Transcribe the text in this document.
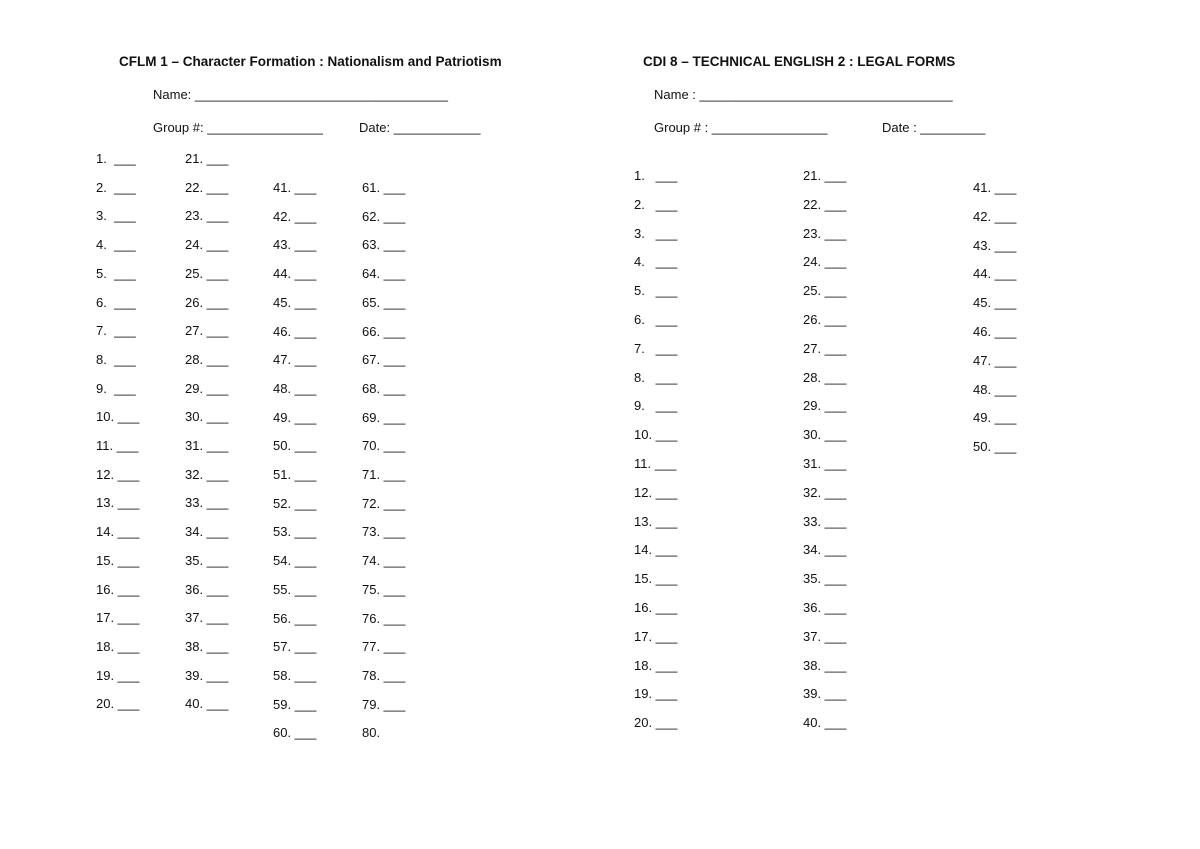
CFLM 1 – Character Formation : Nationalism and Patriotism
Name: ___________________________________
Group #: ________________	Date: ____________
1.  ___
2.  ___
3.  ___
4.  ___
5.  ___
6.  ___
7.  ___
8.  ___
9.  ___
10. ___
11. ___
12. ___
13. ___
14. ___
15. ___
16. ___
17. ___
18. ___
19. ___
20. ___
21. ___
22. ___
23. ___
24. ___
25. ___
26. ___
27. ___
28. ___
29. ___
30. ___
31. ___
32. ___
33. ___
34. ___
35. ___
36. ___
37. ___
38. ___
39. ___
40. ___
41. ___
42. ___
43. ___
44. ___
45. ___
46. ___
47. ___
48. ___
49. ___
50. ___
51. ___
52. ___
53. ___
54. ___
55. ___
56. ___
57. ___
58. ___
59. ___
60. ___
61. ___
62. ___
63. ___
64. ___
65. ___
66. ___
67. ___
68. ___
69. ___
70. ___
71. ___
72. ___
73. ___
74. ___
75. ___
76. ___
77. ___
78. ___
79. ___
80.
CDI 8 – TECHNICAL ENGLISH 2 : LEGAL FORMS
Name : ___________________________________
Group # : ________________	Date : _________
1.   ___
2.   ___
3.   ___
4.   ___
5.   ___
6.   ___
7.   ___
8.   ___
9.   ___
10. ___
11. ___
12. ___
13. ___
14. ___
15. ___
16. ___
17. ___
18. ___
19. ___
20. ___
21. ___
22. ___
23. ___
24. ___
25. ___
26. ___
27. ___
28. ___
29. ___
30. ___
31. ___
32. ___
33. ___
34. ___
35. ___
36. ___
37. ___
38. ___
39. ___
40. ___
41. ___
42. ___
43. ___
44. ___
45. ___
46. ___
47. ___
48. ___
49. ___
50. ___
